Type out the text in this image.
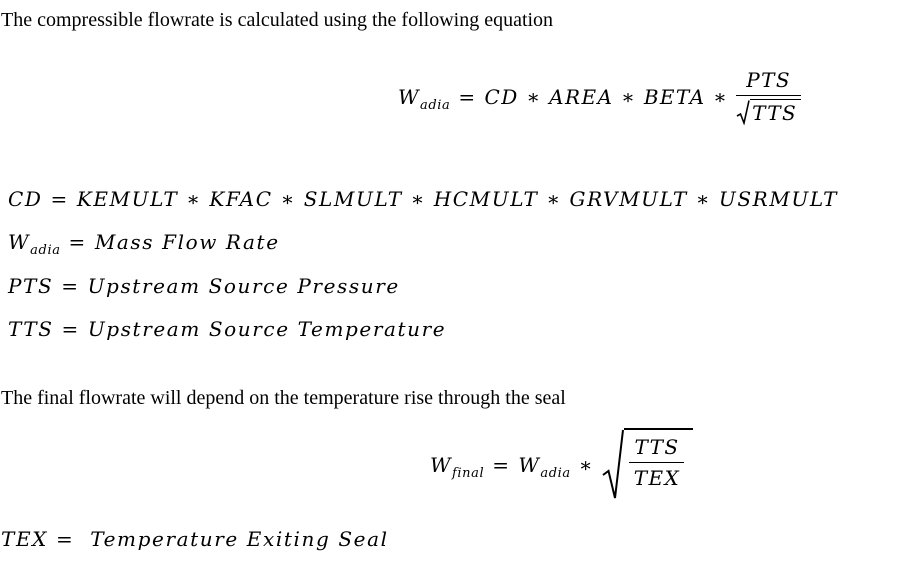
The compressible flowrate is calculated using the following equation

$W_{adia}$ = CD ∗ AREA ∗ BETA ∗ $\frac{\text{PTS}}{\text{TTS}}$
CD = KEMULT ∗ KFAC ∗ SLMULT ∗ HCMULT ∗ GRVMULT ∗ USRMULT
$W_{adia}$ = Mass Flow Rate
PTS = Upstream Source Pressure
TTS = Upstream Source Temperature

The final flowrate will depend on the temperature rise through the seal

$W_{final} = W_{adia}$ ∗ $\frac{\text{TTS}}{\text{TEX}}$
TEX =  Temperature Exiting Seal
